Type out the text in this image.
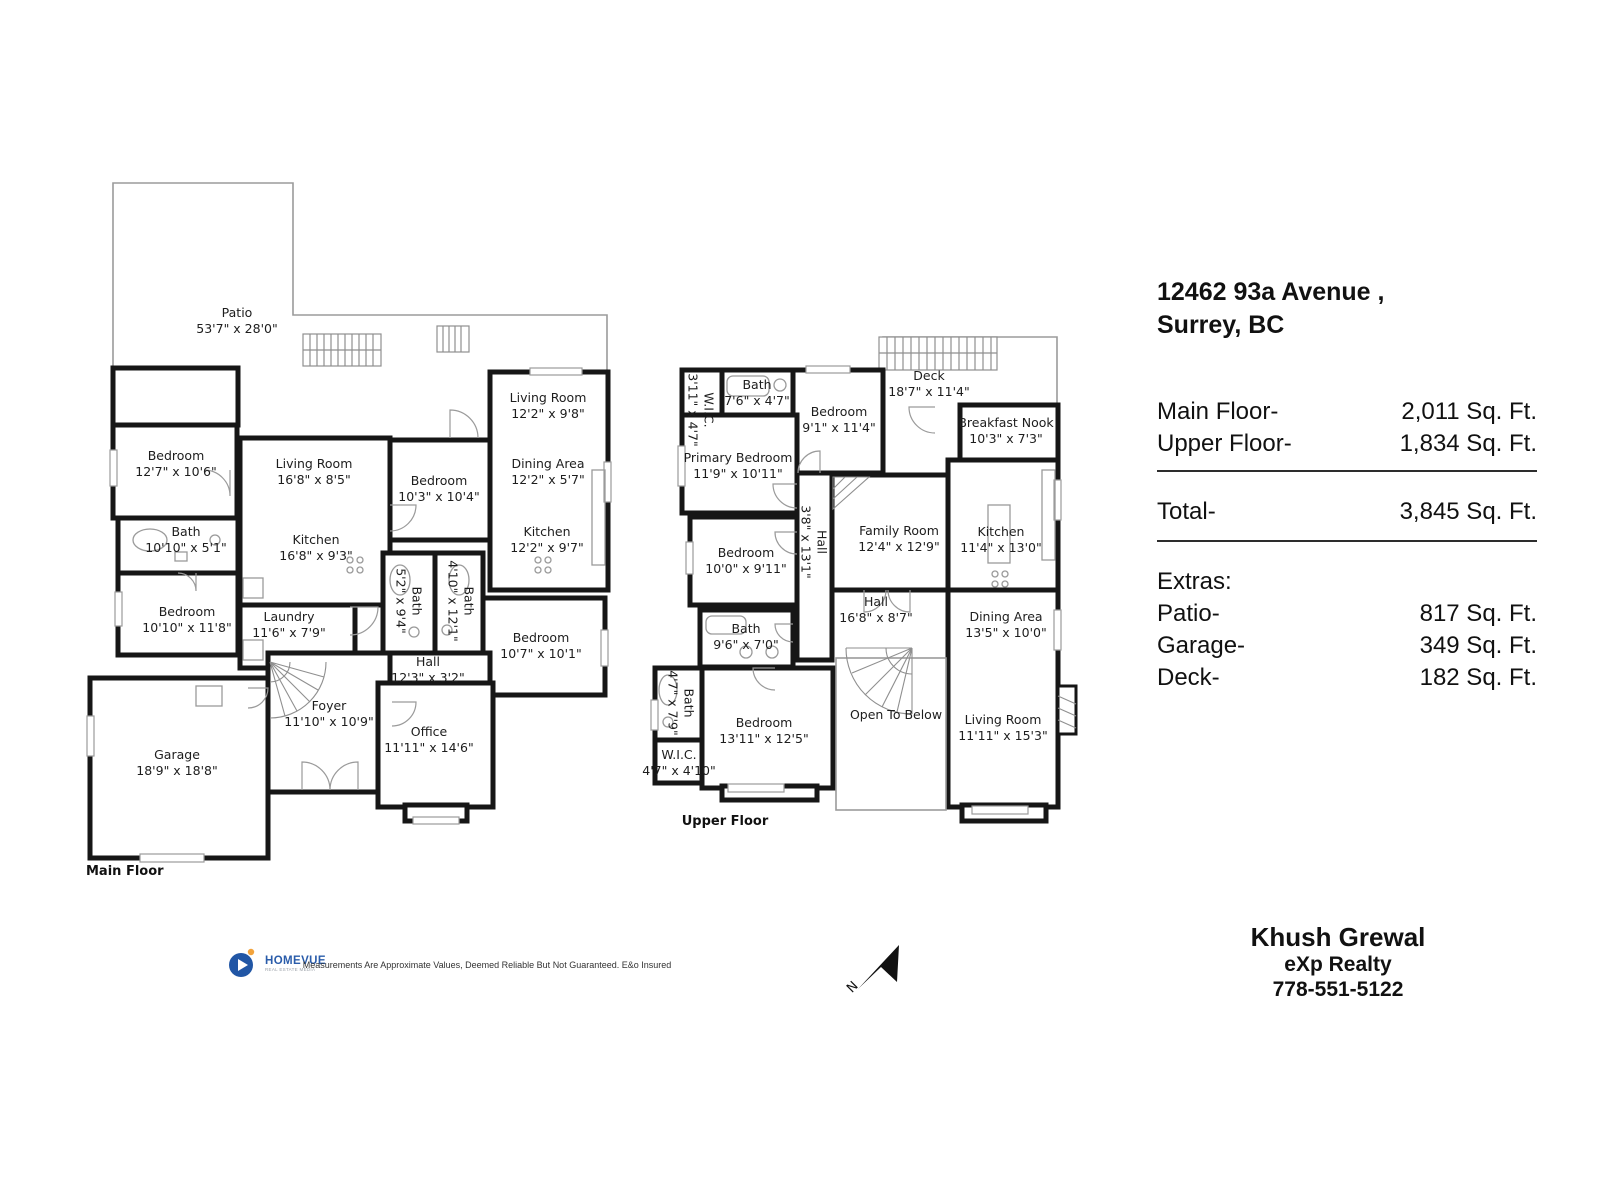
Patio
53'7" x 28'0"
Bedroom
12'7" x 10'6"
Bath
10'10" x 5'1"
Bedroom
10'10" x 11'8"
Living Room
16'8" x 8'5"
Kitchen
16'8" x 9'3"
Laundry
11'6" x 7'9"
Bath
5'2" x 9'4"	Bath
4'10" x 12'1"
Hall
12'3" x 3'2"
Bedroom
10'3" x 10'4"
Living Room
12'2" x 9'8"
Dining Area
12'2" x 5'7"
Kitchen
12'2" x 9'7"
Bedroom
10'7" x 10'1"
Garage
18'9" x 18'8"
Foyer
11'10" x 10'9"
Office
11'11" x 14'6"
W.I.C.
3'11" x 4'7"	Bath
7'6" x 4'7"
Bedroom
9'1" x 11'4"
Deck
18'7" x 11'4"
Breakfast Nook
10'3" x 7'3"
Primary Bedroom
11'9" x 10'11"
Hall
3'8" x 13'1"
Bedroom
10'0" x 9'11"
Family Room
12'4" x 12'9"
Kitchen
11'4" x 13'0"
Hall
16'8" x 8'7"
Bath
9'6" x 7'0"
Bath
4'7" x 7'9"
W.I.C.
4'7" x 4'10"
Bedroom
13'11" x 12'5"
Open To Below
Dining Area
13'5" x 10'0"
Living Room
11'11" x 15'3"
Main Floor
Upper Floor
12462 93a Avenue ,
Surrey, BC
Main Floor-	2,011 Sq. Ft.
Upper Floor-	1,834 Sq. Ft.
Total-	3,845 Sq. Ft.
Extras:
Patio-	817 Sq. Ft.
Garage-	349 Sq. Ft.
Deck-	182 Sq. Ft.
Khush Grewal
eXp Realty
778-551-5122
HOMEVUE
REAL ESTATE MEDIA
Measurements Are Approximate Values, Deemed Reliable But Not Guaranteed. E&o Insured
N
